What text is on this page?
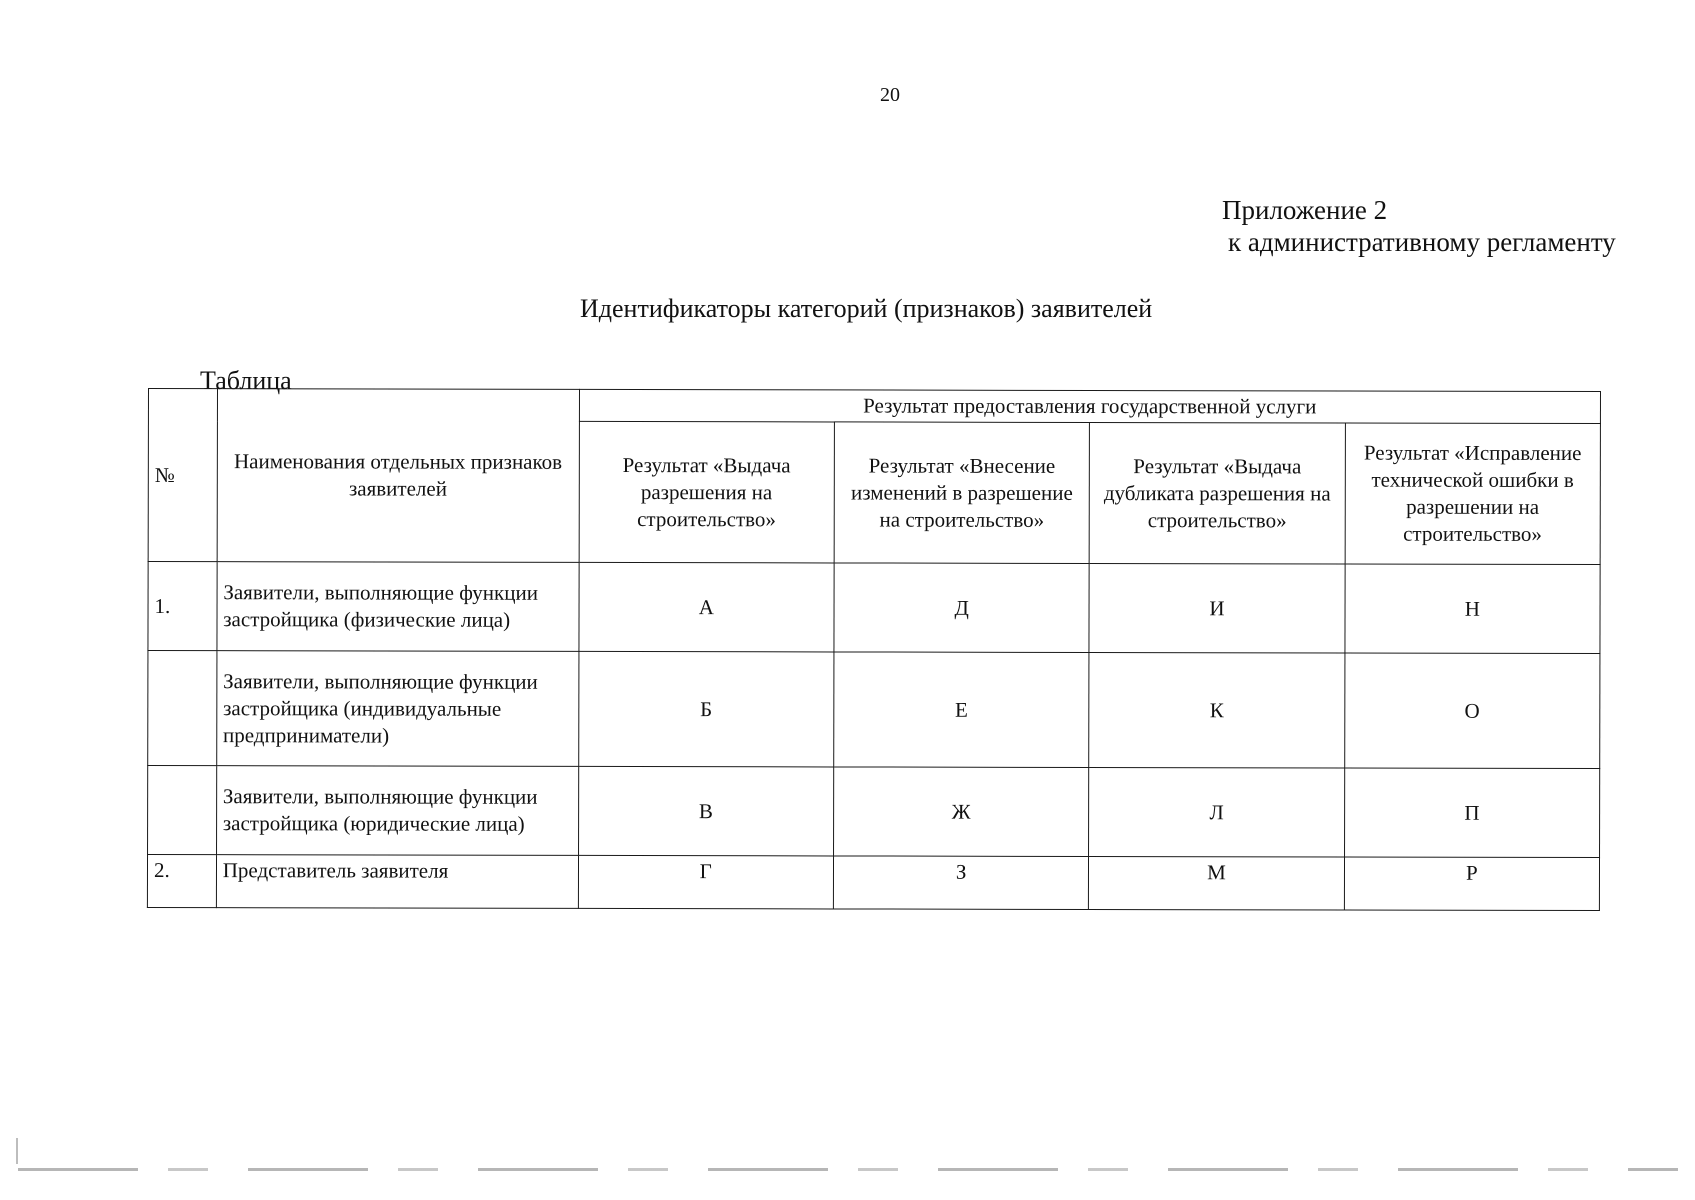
20
Приложение 2
к административному регламенту
Идентификаторы категорий (признаков) заявителей
Таблица
№	Наименования отдельных признаков заявителей	Результат предоставления государственной услуги			
		Результат «Выдача разрешения на строительство»	Результат «Внесение изменений в разрешение на строительство»	Результат «Выдача дубликата разрешения на строительство»	Результат «Исправление технической ошибки в разрешении на строительство»
1.	Заявители, выполняющие функции застройщика (физические лица)	А	Д	И	Н
	Заявители, выполняющие функции застройщика (индивидуальные предприниматели)	Б	Е	К	О
	Заявители, выполняющие функции застройщика (юридические лица)	В	Ж	Л	П
2.	Представитель заявителя	Г	З	М	Р
